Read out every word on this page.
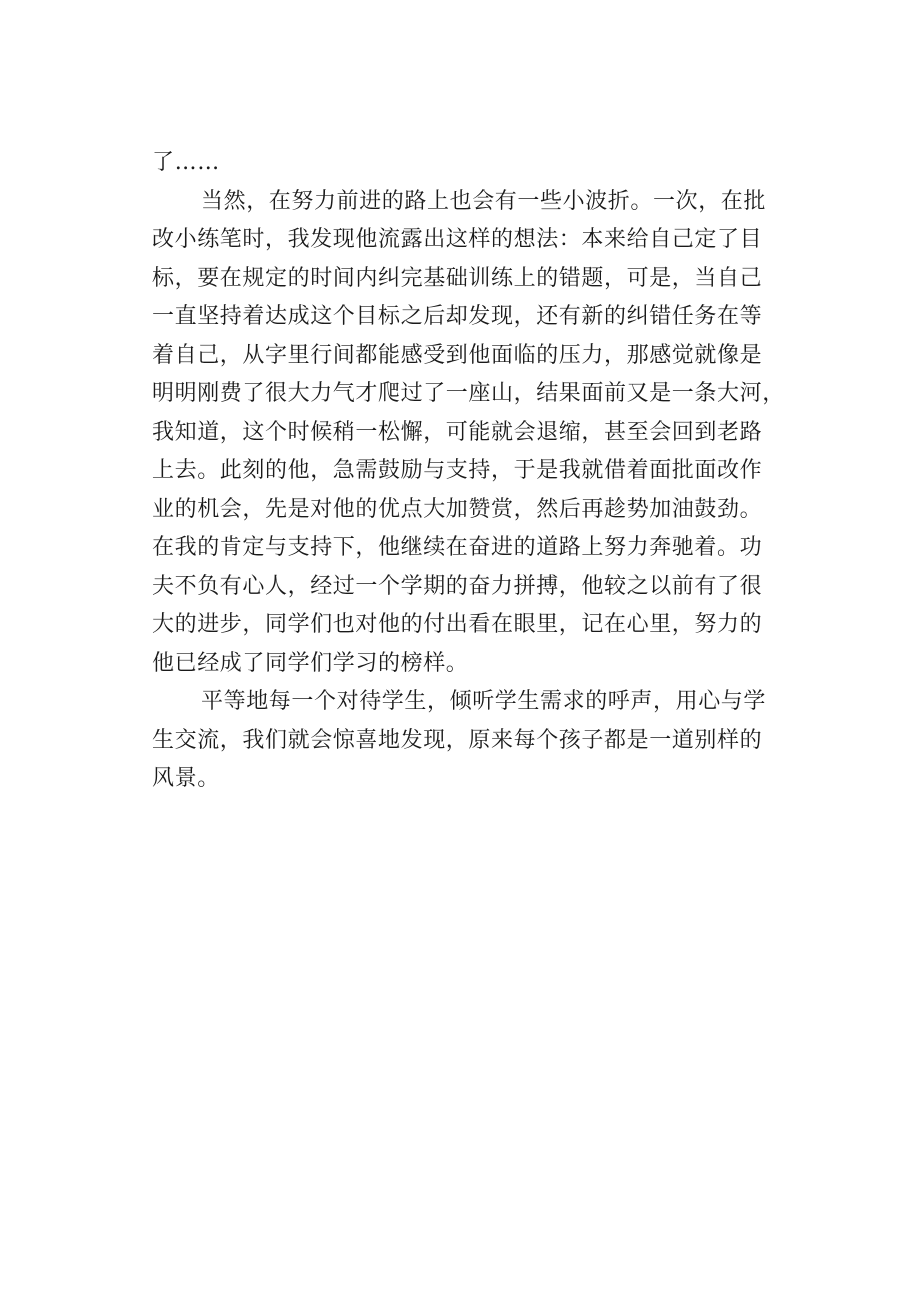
了……

当然，在努力前进的路上也会有一些小波折。一次，在批
改小练笔时，我发现他流露出这样的想法：本来给自己定了目
标，要在规定的时间内纠完基础训练上的错题，可是，当自己
一直坚持着达成这个目标之后却发现，还有新的纠错任务在等
着自己，从字里行间都能感受到他面临的压力，那感觉就像是
明明刚费了很大力气才爬过了一座山，结果面前又是一条大河，
我知道，这个时候稍一松懈，可能就会退缩，甚至会回到老路
上去。此刻的他，急需鼓励与支持，于是我就借着面批面改作
业的机会，先是对他的优点大加赞赏，然后再趁势加油鼓劲。
在我的肯定与支持下，他继续在奋进的道路上努力奔驰着。功
夫不负有心人，经过一个学期的奋力拼搏，他较之以前有了很
大的进步，同学们也对他的付出看在眼里，记在心里，努力的
他已经成了同学们学习的榜样。

平等地每一个对待学生，倾听学生需求的呼声，用心与学
生交流，我们就会惊喜地发现，原来每个孩子都是一道别样的
风景。
